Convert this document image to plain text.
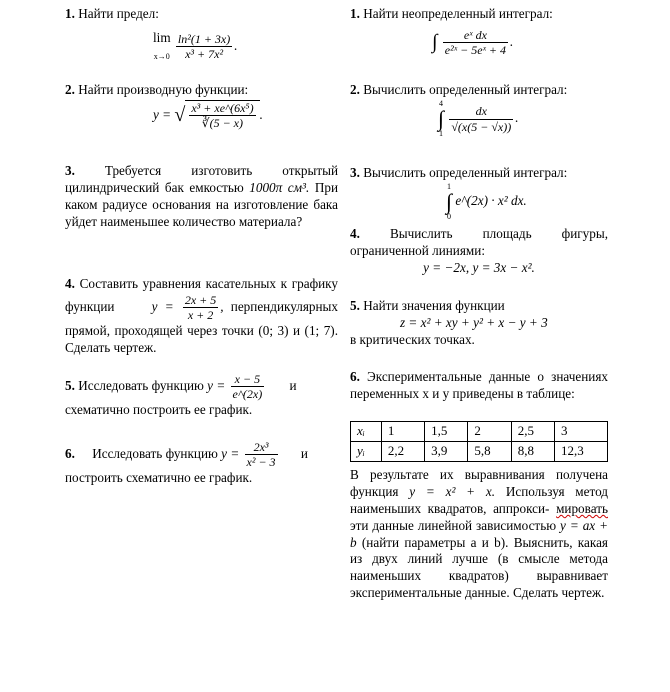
1. Найти предел:
lim
$x\to 0 \frac{\text{ln²(1 + 3x)}}{\text{x³ + 7x²}}$ .
2. Найти производную функции:
y = √ $\frac{\text{x³ + xe\textasciicircum{}(6x⁵)}}{∛(5 - x)}$ .
3. Требуется изготовить открытый цилиндрический бак емкостью 1000π см³. При каком радиусе основания на изготовление бака уйдет наименьшее количество материала?
4. Составить уравнения касательных к графику функции	$y = \frac{2x + 5}{x + 2}$ , перпендикулярных прямой, проходящей через точки (0; 3) и (1; 7). Сделать чертеж.
5. Исследовать функцию $y = \frac{x - 5}{e\^{}(2x)}$ и
схематично построить ее график.
6. Исследовать функцию $y = \frac{\text{2x³}}{\text{x² − 3}}$ и
построить схематично ее график.
1. Найти неопределенный интеграл:
∫ $\frac{\text{eˣ dx}}{\text{e²ˣ − 5eˣ + 4}}$ .
2. Вычислить определенный интеграл:
4
∫
1
$\frac{dx}{√(x(5 - √x))}$ .
3. Вычислить определенный интеграл:
1
∫
0
e^(2x) · x² dx.
4. Вычислить площадь фигуры, ограниченной линиями:
y = −2x, y = 3x − x².
5. Найти значения функции
z = x² + xy + y² + x − y + 3
в критических точках.
6. Экспериментальные данные о значениях переменных x и y приведены в таблице:
xᵢ	1	1,5	2	2,5	3
yᵢ	2,2	3,9	5,8	8,8	12,3
В результате их выравнивания получена функция y = x² + x. Используя метод наименьших квадратов, аппрокси- мировать эти данные линейной зависимостью y = ax + b (найти параметры a и b). Выяснить, какая из двух линий лучше (в смысле метода наименьших квадратов) выравнивает экспериментальные данные. Сделать чертеж.
